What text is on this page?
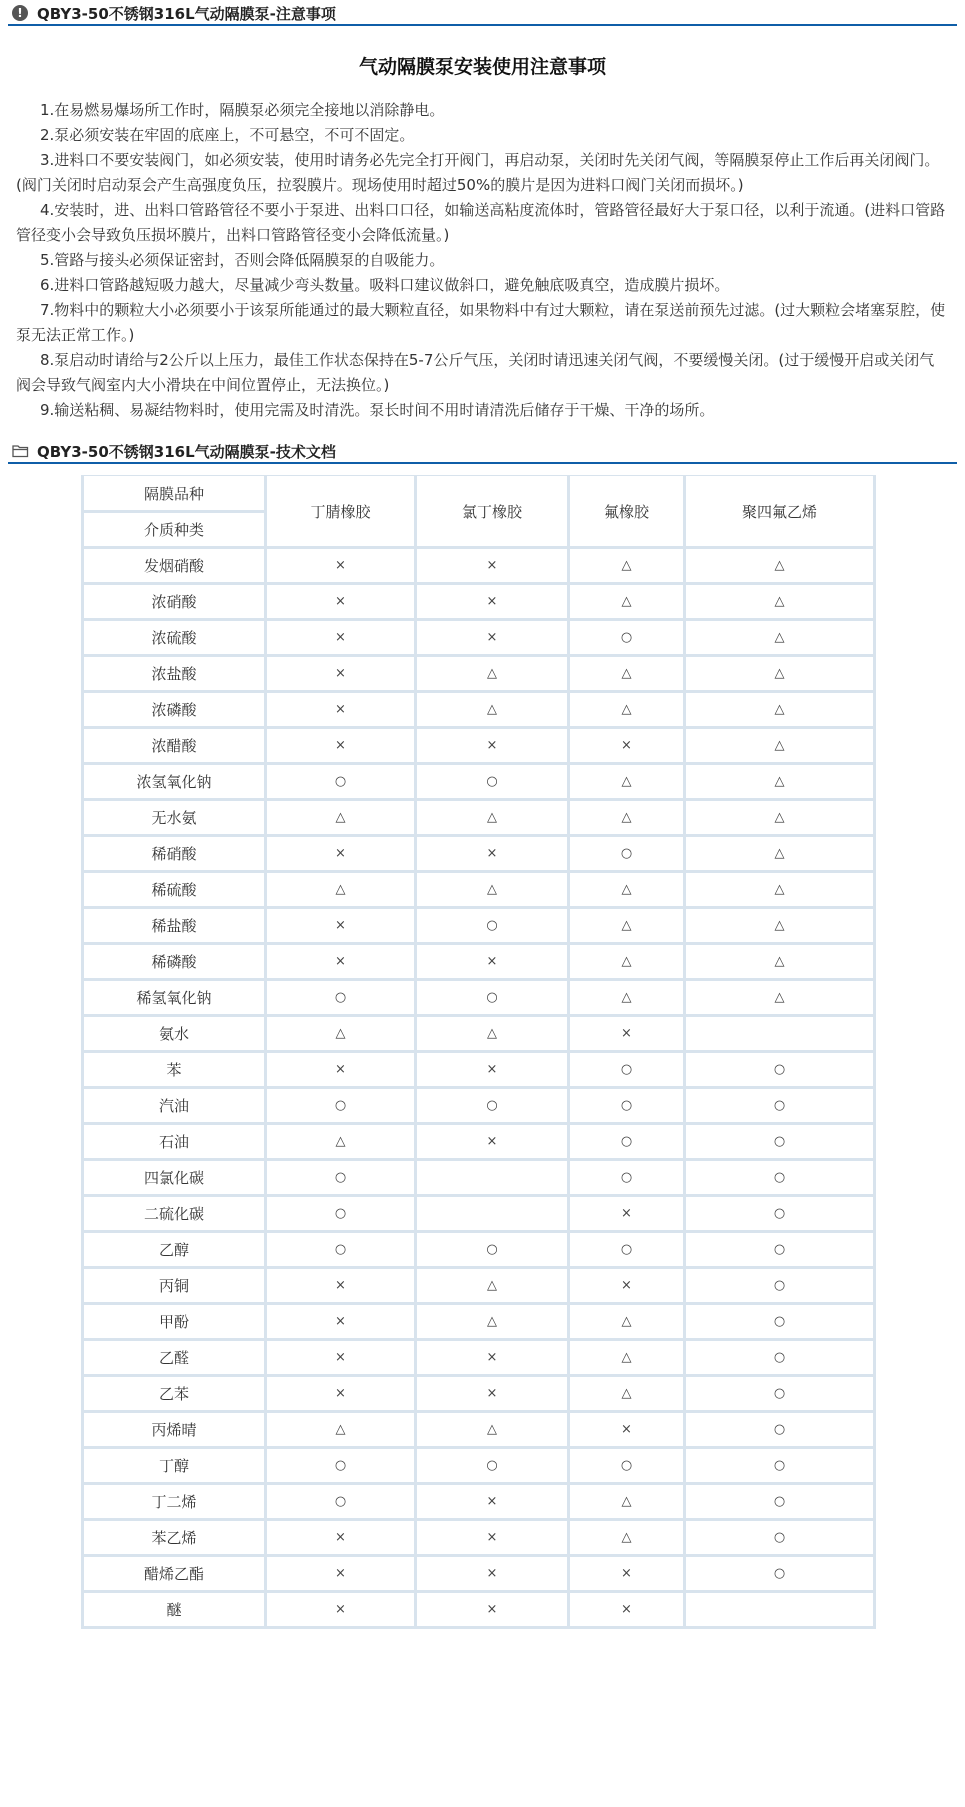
! QBY3-50不锈钢316L气动隔膜泵-注意事项
气动隔膜泵安装使用注意事项
1.在易燃易爆场所工作时，隔膜泵必须完全接地以消除静电。
2.泵必须安装在牢固的底座上，不可悬空，不可不固定。
3.进料口不要安装阀门，如必须安装，使用时请务必先完全打开阀门，再启动泵，关闭时先关闭气阀，等隔膜泵停止工作后再关闭阀门。(阀门关闭时启动泵会产生高强度负压，拉裂膜片。现场使用时超过50%的膜片是因为进料口阀门关闭而损坏。)
4.安装时，进、出料口管路管径不要小于泵进、出料口口径，如输送高粘度流体时，管路管径最好大于泵口径，以利于流通。(进料口管路管径变小会导致负压损坏膜片，出料口管路管径变小会降低流量。)
5.管路与接头必须保证密封，否则会降低隔膜泵的自吸能力。
6.进料口管路越短吸力越大，尽量减少弯头数量。吸料口建议做斜口，避免触底吸真空，造成膜片损坏。
7.物料中的颗粒大小必须要小于该泵所能通过的最大颗粒直径，如果物料中有过大颗粒，请在泵送前预先过滤。(过大颗粒会堵塞泵腔，使泵无法正常工作。)
8.泵启动时请给与2公斤以上压力，最佳工作状态保持在5-7公斤气压，关闭时请迅速关闭气阀，不要缓慢关闭。(过于缓慢开启或关闭气阀会导致气阀室内大小滑块在中间位置停止，无法换位。)
9.输送粘稠、易凝结物料时，使用完需及时清洗。泵长时间不用时请清洗后储存于干燥、干净的场所。
QBY3-50不锈钢316L气动隔膜泵-技术文档
隔膜品种	丁腈橡胶	氯丁橡胶	氟橡胶	聚四氟乙烯
介质种类				
发烟硝酸	×	×	△	△
浓硝酸	×	×	△	△
浓硫酸	×	×	○	△
浓盐酸	×	△	△	△
浓磷酸	×	△	△	△
浓醋酸	×	×	×	△
浓氢氧化钠	○	○	△	△
无水氨	△	△	△	△
稀硝酸	×	×	○	△
稀硫酸	△	△	△	△
稀盐酸	×	○	△	△
稀磷酸	×	×	△	△
稀氢氧化钠	○	○	△	△
氨水	△	△	×	
苯	×	×	○	○
汽油	○	○	○	○
石油	△	×	○	○
四氯化碳	○		○	○
二硫化碳	○		×	○
乙醇	○	○	○	○
丙铜	×	△	×	○
甲酚	×	△	△	○
乙醛	×	×	△	○
乙苯	×	×	△	○
丙烯晴	△	△	×	○
丁醇	○	○	○	○
丁二烯	○	×	△	○
苯乙烯	×	×	△	○
醋烯乙酯	×	×	×	○
醚	×	×	×	
